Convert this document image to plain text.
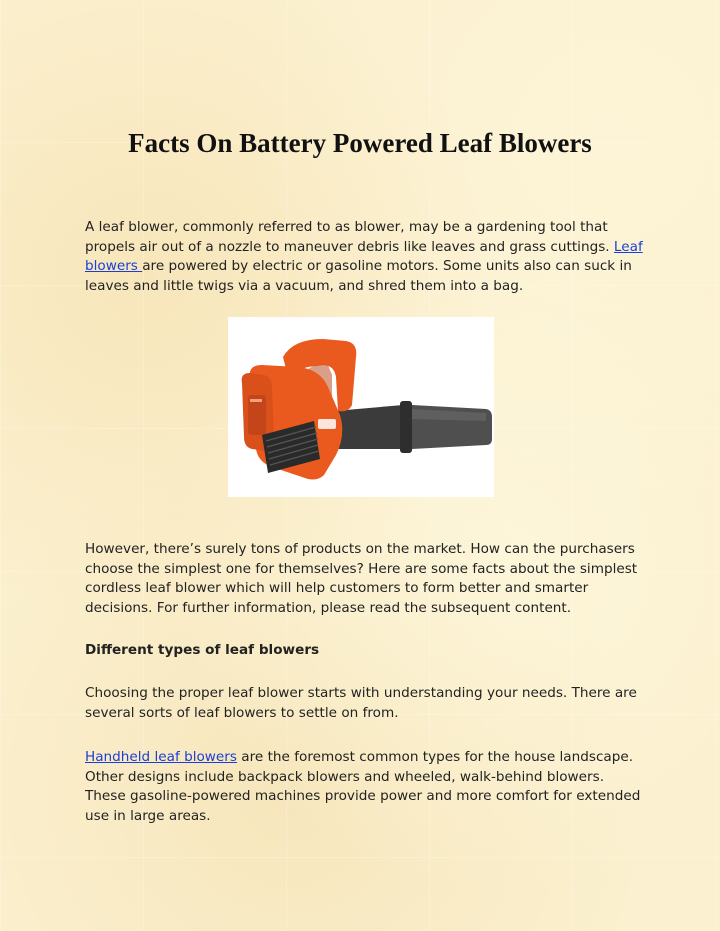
Facts On Battery Powered Leaf Blowers

A leaf blower, commonly referred to as blower, may be a gardening tool that propels air out of a nozzle to maneuver debris like leaves and grass cuttings. Leaf
blowers are powered by electric or gasoline motors. Some units also can suck in leaves and little twigs via a vacuum, and shred them into a bag.

However, there’s surely tons of products on the market. How can the purchasers choose the simplest one for themselves? Here are some facts about the simplest cordless leaf blower which will help customers to form better and smarter decisions. For further information, please read the subsequent content.

Different types of leaf blowers

Choosing the proper leaf blower starts with understanding your needs. There are several sorts of leaf blowers to settle on from.

Handheld leaf blowers are the foremost common types for the house landscape. Other designs include backpack blowers and wheeled, walk-behind blowers. These gasoline-powered machines provide power and more comfort for extended use in large areas.
